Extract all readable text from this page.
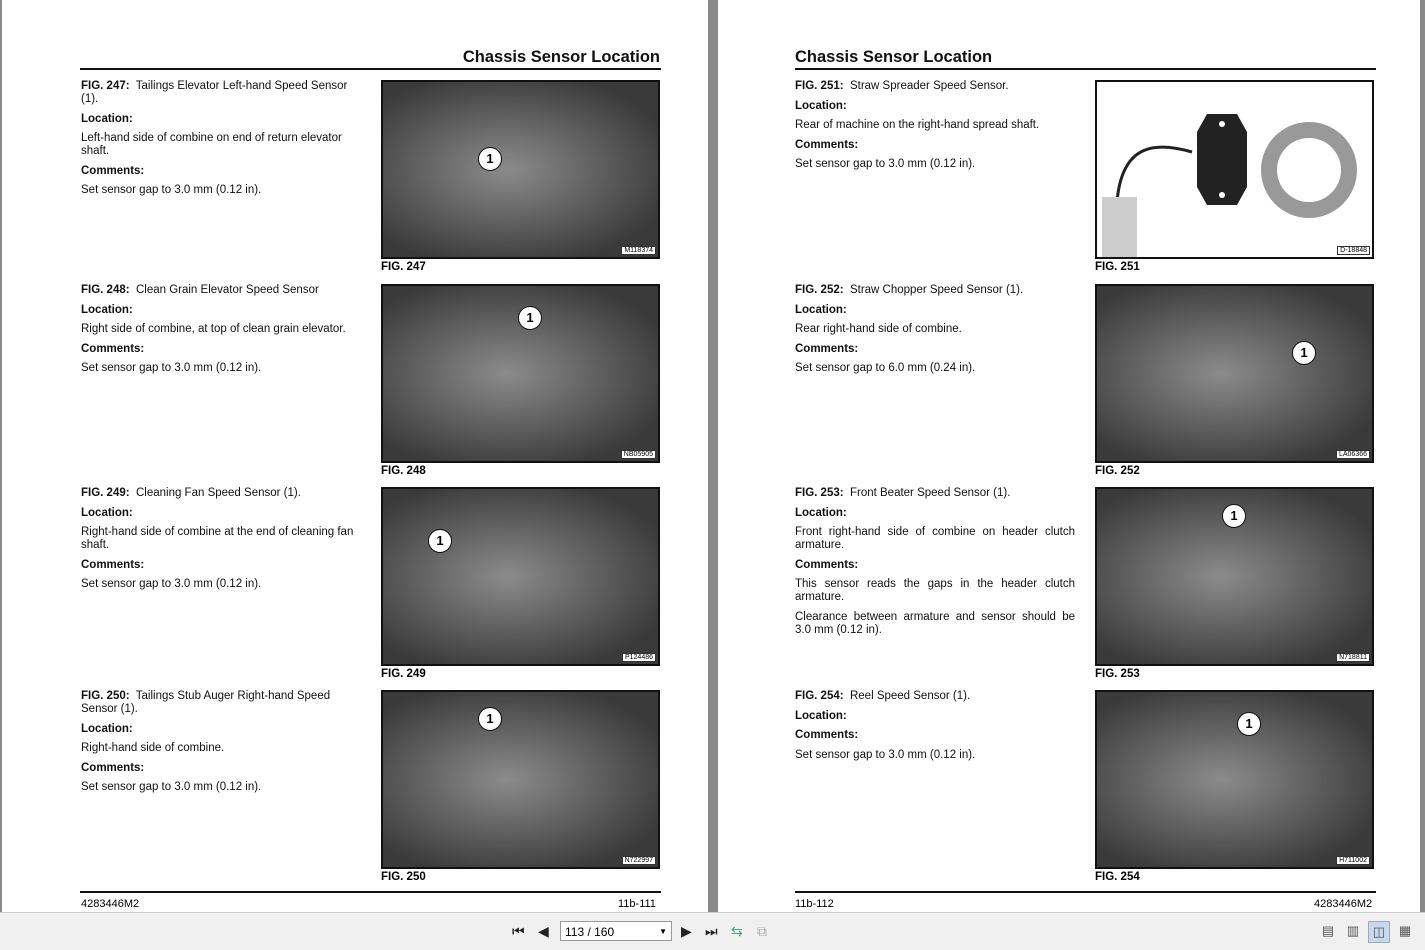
Chassis Sensor Location
4283446M2	11b-111

FIG. 247: Tailings Elevator Left-hand Speed Sensor (1).

Location:

Left-hand side of combine on end of return elevator shaft.

Comments:

Set sensor gap to 3.0 mm (0.12 in).

1
M118374
FIG. 247

FIG. 248: Clean Grain Elevator Speed Sensor

Location:

Right side of combine, at top of clean grain elevator.

Comments:

Set sensor gap to 3.0 mm (0.12 in).

1
NB05905
FIG. 248

FIG. 249: Cleaning Fan Speed Sensor (1).

Location:

Right-hand side of combine at the end of cleaning fan shaft.

Comments:

Set sensor gap to 3.0 mm (0.12 in).

1
P124486
FIG. 249

FIG. 250: Tailings Stub Auger Right-hand Speed Sensor (1).

Location:

Right-hand side of combine.

Comments:

Set sensor gap to 3.0 mm (0.12 in).

1
N722997
FIG. 250
Chassis Sensor Location
11b-112	4283446M2

FIG. 251: Straw Spreader Speed Sensor.

Location:

Rear of machine on the right-hand spread shaft.

Comments:

Set sensor gap to 3.0 mm (0.12 in).

D-18848
FIG. 251

FIG. 252: Straw Chopper Speed Sensor (1).

Location:

Rear right-hand side of combine.

Comments:

Set sensor gap to 6.0 mm (0.24 in).

1
LA06366
FIG. 252

FIG. 253: Front Beater Speed Sensor (1).

Location:

Front right-hand side of combine on header clutch armature.

Comments:

This sensor reads the gaps in the header clutch armature.

Clearance between armature and sensor should be 3.0 mm (0.12 in).

1
N718811
FIG. 253

FIG. 254: Reel Speed Sensor (1).

Location:

Comments:

Set sensor gap to 3.0 mm (0.12 in).

1
H711002
FIG. 254
⏮ ◀	113 / 160	▼ ▶ ⏭ ⇆ ⧉	▤ ▥	◫	▦
